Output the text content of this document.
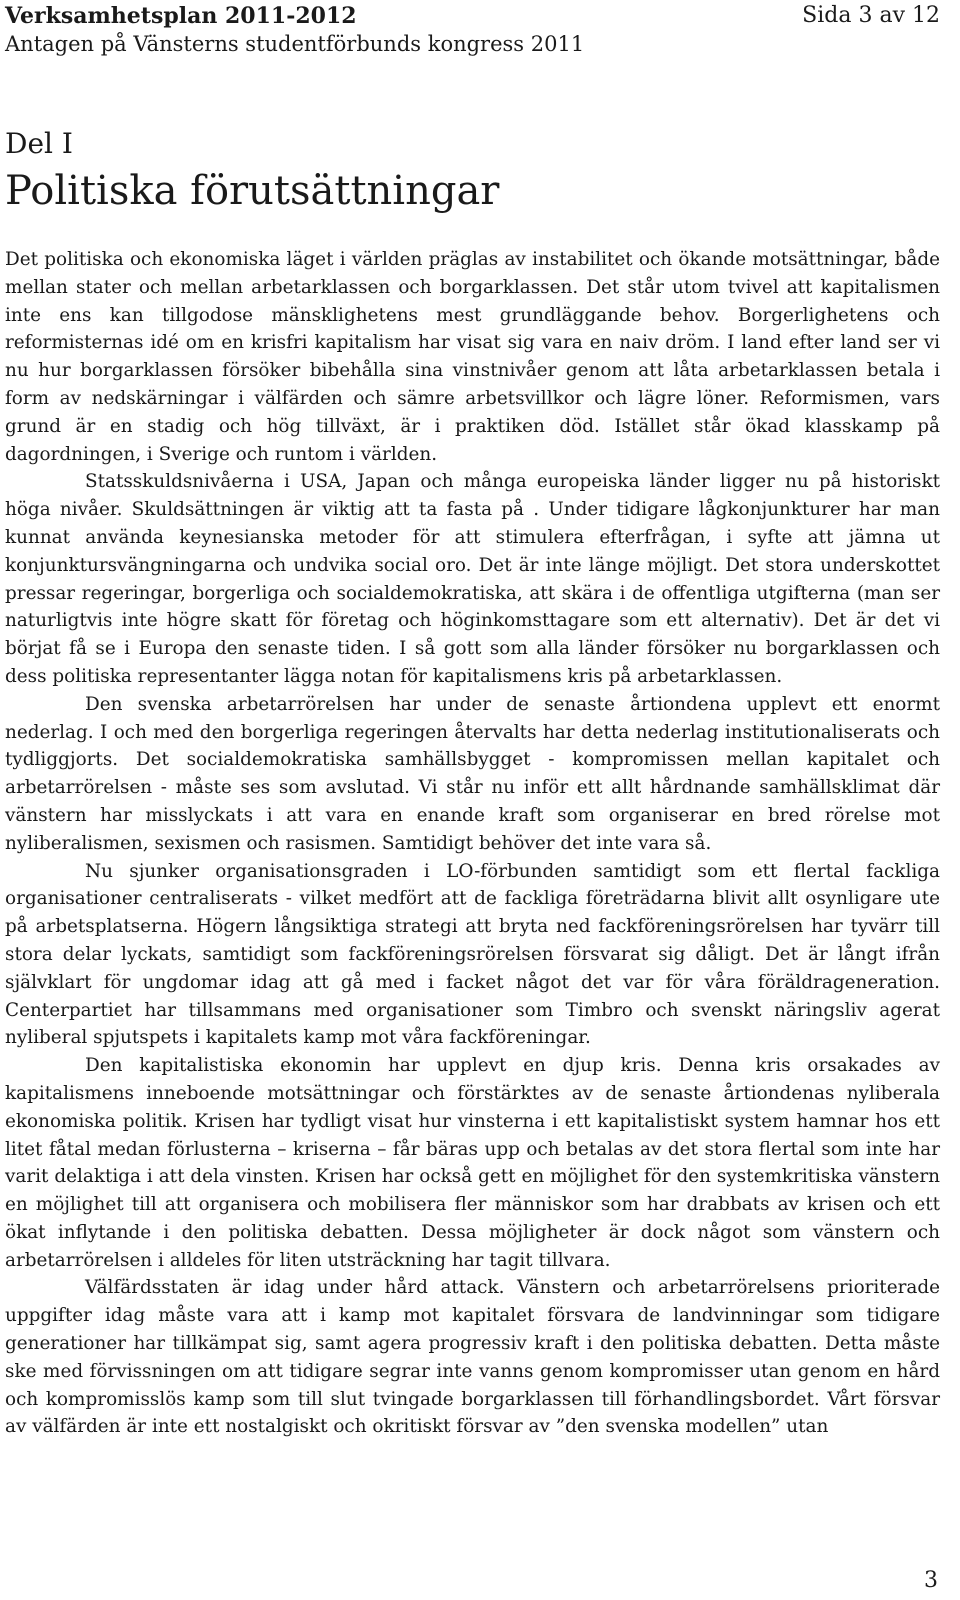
Verksamhetsplan 2011-2012	Sida 3 av 12
Antagen på Vänsterns studentförbunds kongress 2011
Del I
Politiska förutsättningar

Det politiska och ekonomiska läget i världen präglas av instabilitet och ökande motsättningar, både mellan stater och mellan arbetarklassen och borgarklassen. Det står utom tvivel att kapitalismen inte ens kan tillgodose mänsklighetens mest grundläggande behov. Borgerlighetens och reformisternas idé om en krisfri kapitalism har visat sig vara en naiv dröm. I land efter land ser vi nu hur borgarklassen försöker bibehålla sina vinstnivåer genom att låta arbetarklassen betala i form av nedskärningar i välfärden och sämre arbetsvillkor och lägre löner. Reformismen, vars grund är en stadig och hög tillväxt, är i praktiken död. Istället står ökad klasskamp på dagordningen, i Sverige och runtom i världen.

Statsskuldsnivåerna i USA, Japan och många europeiska länder ligger nu på historiskt höga nivåer. Skuldsättningen är viktig att ta fasta på . Under tidigare lågkonjunkturer har man kunnat använda keynesianska metoder för att stimulera efterfrågan, i syfte att jämna ut konjunktursvängningarna och undvika social oro. Det är inte länge möjligt. Det stora underskottet pressar regeringar, borgerliga och socialdemokratiska, att skära i de offentliga utgifterna (man ser naturligtvis inte högre skatt för företag och höginkomsttagare som ett alternativ). Det är det vi börjat få se i Europa den senaste tiden. I så gott som alla länder försöker nu borgarklassen och dess politiska representanter lägga notan för kapitalismens kris på arbetarklassen.

Den svenska arbetarrörelsen har under de senaste årtiondena upplevt ett enormt nederlag. I och med den borgerliga regeringen återvalts har detta nederlag institutionaliserats och tydliggjorts. Det socialdemokratiska samhällsbygget - kompromissen mellan kapitalet och arbetarrörelsen - måste ses som avslutad. Vi står nu inför ett allt hårdnande samhällsklimat där vänstern har misslyckats i att vara en enande kraft som organiserar en bred rörelse mot nyliberalismen, sexismen och rasismen. Samtidigt behöver det inte vara så.

Nu sjunker organisationsgraden i LO-förbunden samtidigt som ett flertal fackliga organisationer centraliserats - vilket medfört att de fackliga företrädarna blivit allt osynligare ute på arbetsplatserna. Högern långsiktiga strategi att bryta ned fackföreningsrörelsen har tyvärr till stora delar lyckats, samtidigt som fackföreningsrörelsen försvarat sig dåligt. Det är långt ifrån självklart för ungdomar idag att gå med i facket något det var för våra föräldrageneration. Centerpartiet har tillsammans med organisationer som Timbro och svenskt näringsliv agerat nyliberal spjutspets i kapitalets kamp mot våra fackföreningar.

Den kapitalistiska ekonomin har upplevt en djup kris. Denna kris orsakades av kapitalismens inneboende motsättningar och förstärktes av de senaste årtiondenas nyliberala ekonomiska politik. Krisen har tydligt visat hur vinsterna i ett kapitalistiskt system hamnar hos ett litet fåtal medan förlusterna – kriserna – får bäras upp och betalas av det stora flertal som inte har varit delaktiga i att dela vinsten. Krisen har också gett en möjlighet för den systemkritiska vänstern en möjlighet till att organisera och mobilisera fler människor som har drabbats av krisen och ett ökat inflytande i den politiska debatten. Dessa möjligheter är dock något som vänstern och arbetarrörelsen i alldeles för liten utsträckning har tagit tillvara.

Välfärdsstaten är idag under hård attack. Vänstern och arbetarrörelsens prioriterade uppgifter idag måste vara att i kamp mot kapitalet försvara de landvinningar som tidigare generationer har tillkämpat sig, samt agera progressiv kraft i den politiska debatten. Detta måste ske med förvissningen om att tidigare segrar inte vanns genom kompromisser utan genom en hård och kompromisslös kamp som till slut tvingade borgarklassen till förhandlingsbordet. Vårt försvar av välfärden är inte ett nostalgiskt och okritiskt försvar av ”den svenska modellen” utan

3
